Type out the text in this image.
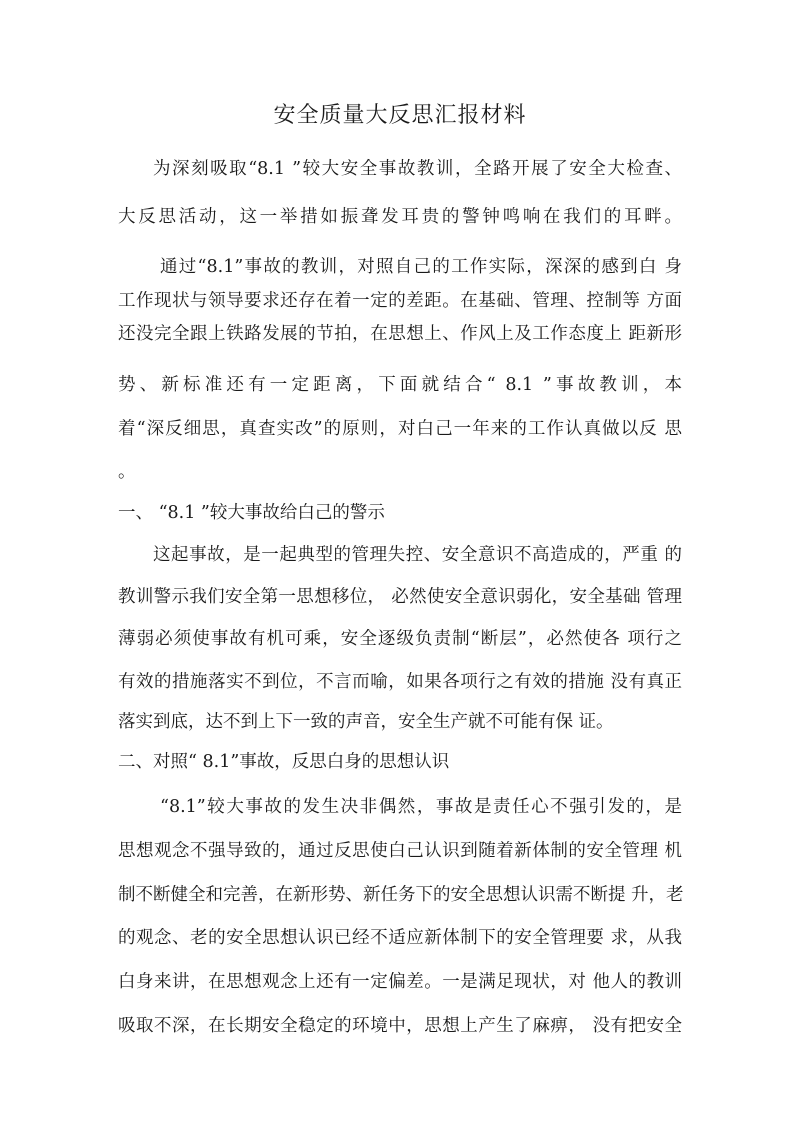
安全质量大反思汇报材料
为深刻吸取“8.1 ”较大安全事故教训，全路开展了安全大检查、
大反思活动，这一举措如振聋发耳贵的警钟鸣响在我们的耳畔。
通过“8.1”事故的教训，对照自己的工作实际，深深的感到白 身
工作现状与领导要求还存在着一定的差距。在基础、管理、控制等 方面
还没完全跟上铁路发展的节拍，在思想上、作风上及工作态度上 距新形
势、新标准还有一定距离，下面就结合“ 8.1 ”事故教训，本
着“深反细思，真查实改”的原则，对白己一年来的工作认真做以反 思
。
一、 “8.1 ”较大事故给白己的警示
这起事故，是一起典型的管理失控、安全意识不高造成的，严重 的
教训警示我们安全第一思想移位， 必然使安全意识弱化，安全基础 管理
薄弱必须使事故有机可乘，安全逐级负责制“断层”，必然使各 项行之
有效的措施落实不到位，不言而喻，如果各项行之有效的措施 没有真正
落实到底，达不到上下一致的声音，安全生产就不可能有保 证。
二、对照“ 8.1”事故，反思白身的思想认识
“8.1”较大事故的发生决非偶然，事故是责任心不强引发的，是
思想观念不强导致的，通过反思使白己认识到随着新体制的安全管理 机
制不断健全和完善，在新形势、新任务下的安全思想认识需不断提 升，老
的观念、老的安全思想认识已经不适应新体制下的安全管理要 求，从我
白身来讲，在思想观念上还有一定偏差。一是满足现状，对 他人的教训
吸取不深，在长期安全稳定的环境中，思想上产生了麻痹， 没有把安全
